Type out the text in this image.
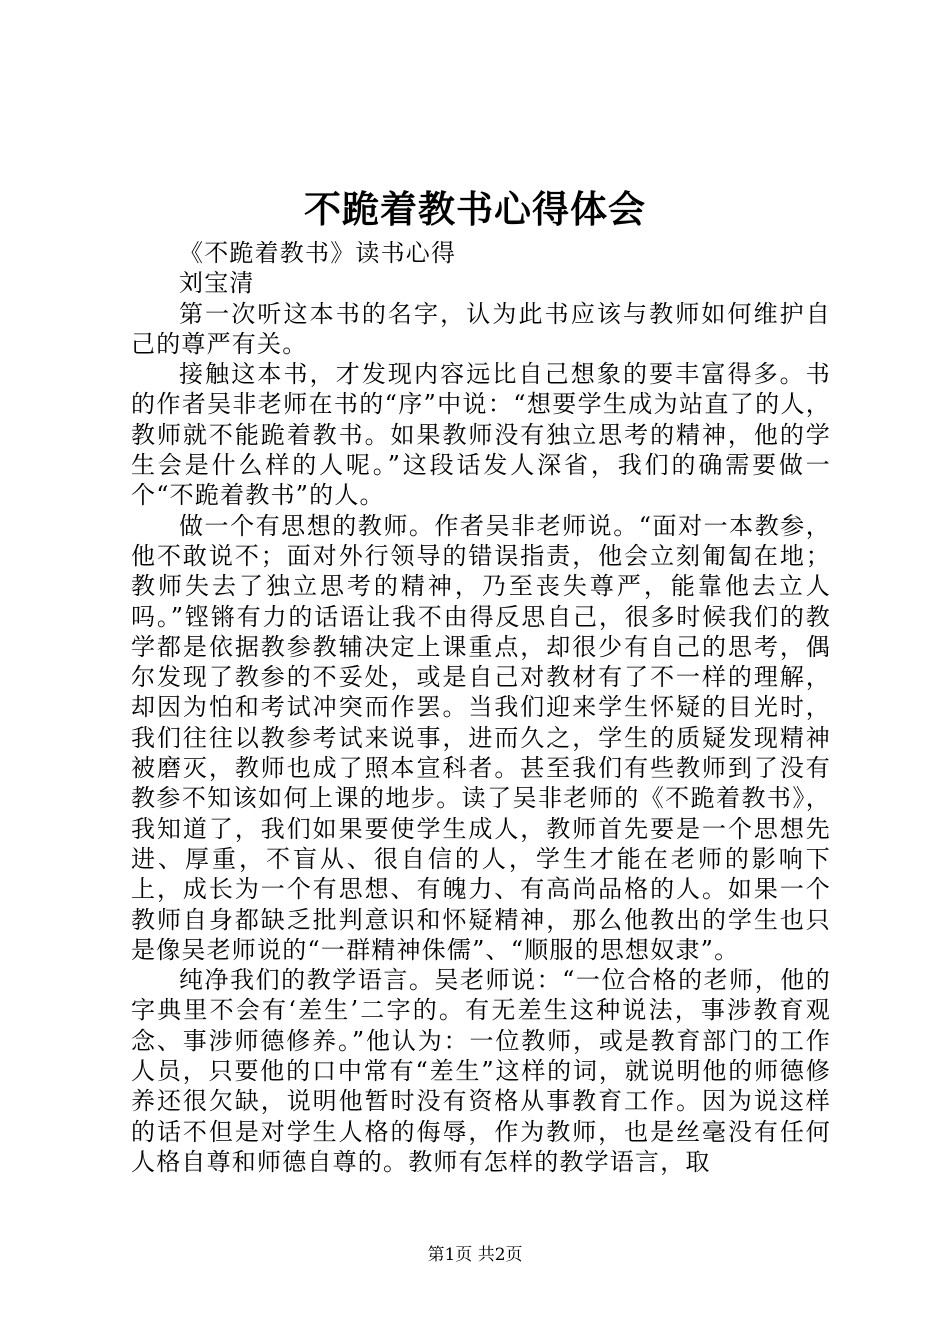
不跪着教书心得体会

《不跪着教书》读书心得

刘宝清

第一次听这本书的名字，认为此书应该与教师如何维护自己的尊严有关。

接触这本书，才发现内容远比自己想象的要丰富得多。书的作者吴非老师在书的“序”中说：“想要学生成为站直了的人，教师就不能跪着教书。如果教师没有独立思考的精神，他的学生会是什么样的人呢。”这段话发人深省，我们的确需要做一个“不跪着教书”的人。

做一个有思想的教师。作者吴非老师说。“面对一本教参，他不敢说不；面对外行领导的错误指责，他会立刻匍匐在地；教师失去了独立思考的精神，乃至丧失尊严，能靠他去立人吗。”铿锵有力的话语让我不由得反思自己，很多时候我们的教学都是依据教参教辅决定上课重点，却很少有自己的思考，偶尔发现了教参的不妥处，或是自己对教材有了不一样的理解，却因为怕和考试冲突而作罢。当我们迎来学生怀疑的目光时，我们往往以教参考试来说事，进而久之，学生的质疑发现精神被磨灭，教师也成了照本宣科者。甚至我们有些教师到了没有教参不知该如何上课的地步。读了吴非老师的《不跪着教书》，我知道了，我们如果要使学生成人，教师首先要是一个思想先进、厚重，不盲从、很自信的人，学生才能在老师的影响下上，成长为一个有思想、有魄力、有高尚品格的人。如果一个教师自身都缺乏批判意识和怀疑精神，那么他教出的学生也只是像吴老师说的“一群精神侏儒”、“顺服的思想奴隶”。

纯净我们的教学语言。吴老师说：“一位合格的老师，他的字典里不会有‘差生’二字的。有无差生这种说法，事涉教育观念、事涉师德修养。”他认为：一位教师，或是教育部门的工作人员，只要他的口中常有“差生”这样的词，就说明他的师德修养还很欠缺，说明他暂时没有资格从事教育工作。因为说这样的话不但是对学生人格的侮辱，作为教师，也是丝毫没有任何人格自尊和师德自尊的。教师有怎样的教学语言，取

第1页 共2页
